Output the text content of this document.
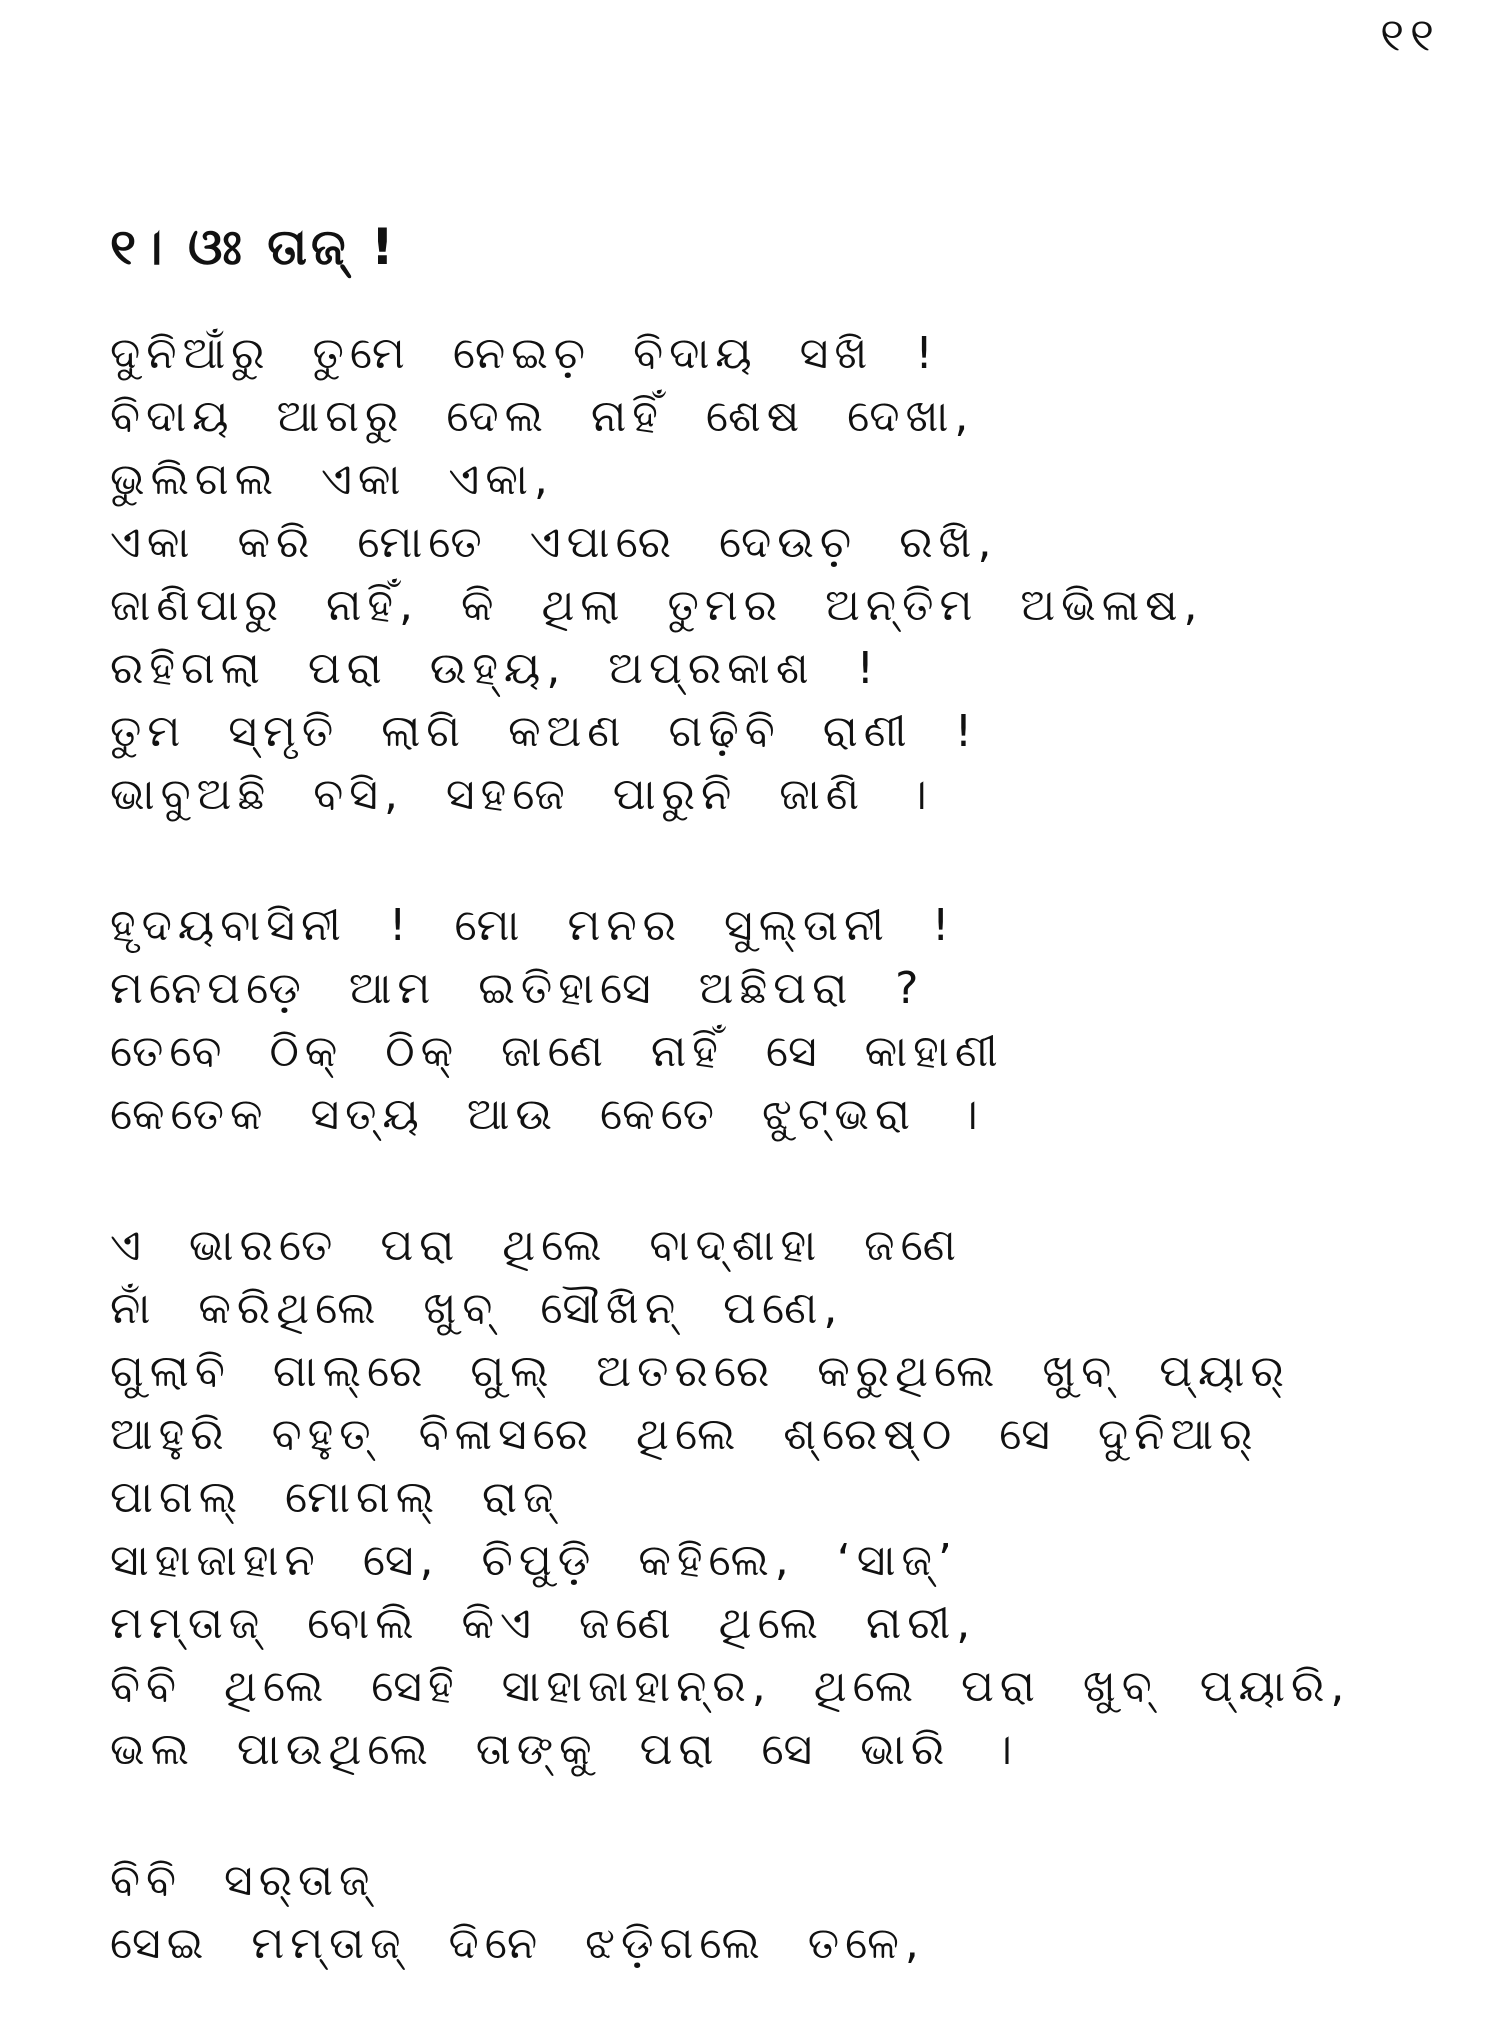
୧୧
୧। ଓଃ ତାଜ୍ !
ଦୁନିଆଁରୁ ତୁମେ ନେଇଚ଼ ବିଦାୟ ସଖି !
ବିଦାୟ ଆଗରୁ ଦେଲ ନାହିଁ ଶେଷ ଦେଖା,
ଭୁଲିଗଲ ଏକା ଏକା,
ଏକା କରି ମୋତେ ଏପାରେ ଦେଉଚ଼ ରଖି,
ଜାଣିପାରୁ ନାହିଁ, କି ଥିଲା ତୁମର ଅନ୍ତିମ ଅଭିଳାଷ,
ରହିଗଲା ପରା ଉହ୍ୟ, ଅପ୍ରକାଶ !
ତୁମ ସ୍ମୃତି ଲାଗି କଅଣ ଗଢ଼ିବି ରାଣୀ !
ଭାବୁଅଛି ବସି, ସହଜେ ପାରୁନି ଜାଣି ।
ହୃଦୟବାସିନୀ ! ମୋ ମନର ସୁଲ୍ତାନୀ !
ମନେପଡ଼େ ଆମ ଇତିହାସେ ଅଛିପରା ?
ତେବେ ଠିକ୍ ଠିକ୍ ଜାଣେ ନାହିଁ ସେ କାହାଣୀ
କେତେକ ସତ୍ୟ ଆଉ କେତେ ଝୁଟ୍‌ଭରା ।
ଏ ଭାରତେ ପରା ଥିଲେ ବାଦ୍‌ଶାହା ଜଣେ
ନାଁ କରିଥିଲେ ଖୁବ୍ ସୌଖିନ୍ ପଣେ,
ଗୁଲାବି ଗାଲ୍‌ରେ ଗୁଲ୍ ଅତରରେ କରୁଥିଲେ ଖୁବ୍ ପ୍ୟାର୍
ଆହୁରି ବହୁତ୍ ବିଳାସରେ ଥିଲେ ଶ୍ରେଷ୍ଠ ସେ ଦୁନିଆର୍
ପାଗଲ୍ ମୋଗଲ୍ ରାଜ୍
ସାହାଜାହାନ ସେ, ଚିପୁଡ଼ି କହିଲେ, ‘ସାଜ୍’
ମମ୍‌ତାଜ୍ ବୋଲି କିଏ ଜଣେ ଥିଲେ ନାରୀ,
ବିବି ଥିଲେ ସେହି ସାହାଜାହାନ୍‌ର, ଥିଲେ ପରା ଖୁବ୍ ପ୍ୟାରି,
ଭଲ ପାଉଥିଲେ ତାଙ୍କୁ ପରା ସେ ଭାରି ।
ବିବି ସର୍‌ତାଜ୍
ସେଇ ମମ୍‌ତାଜ୍ ଦିନେ ଝଡ଼ିଗଲେ ତଳେ,
